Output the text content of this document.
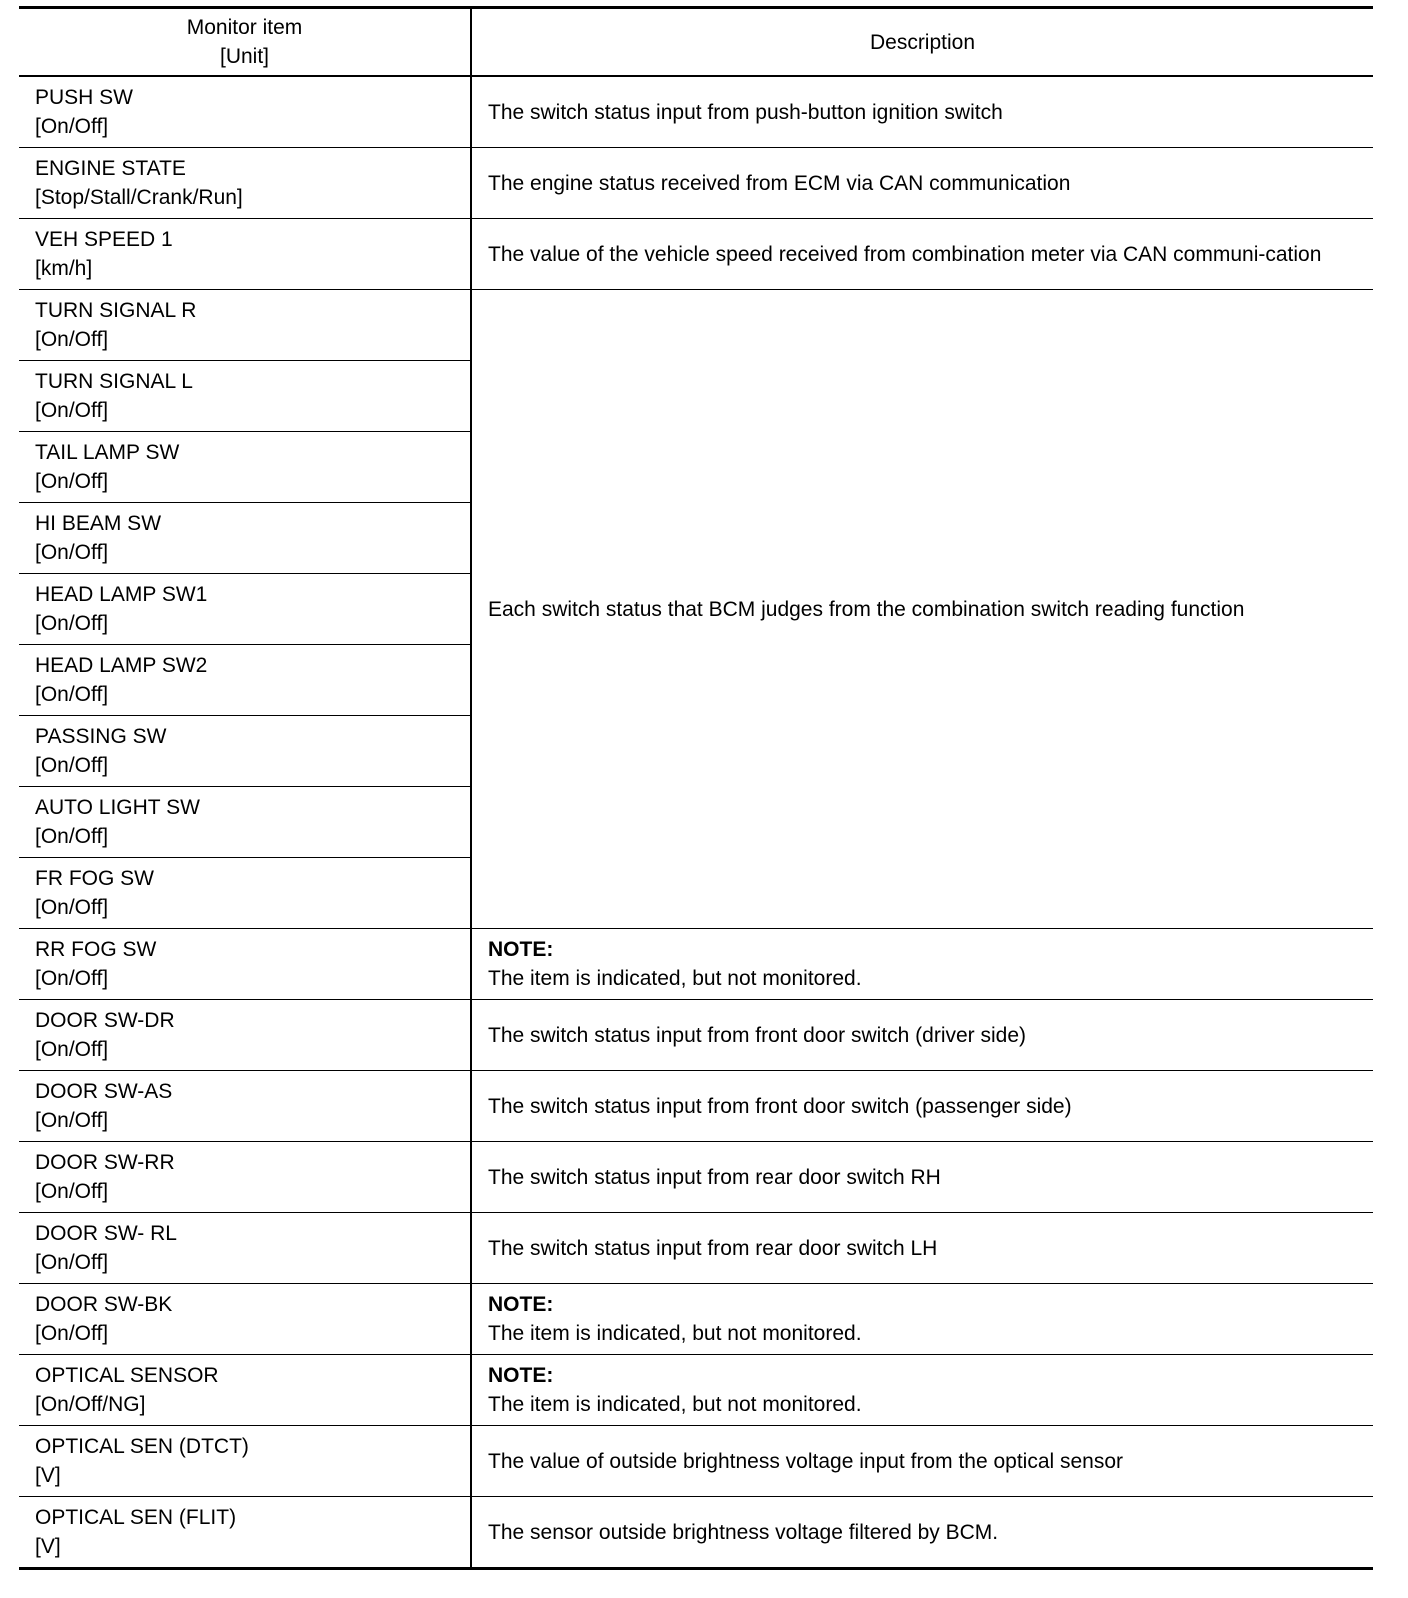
Monitor item
[Unit]	Description

PUSH SW
[On/Off]	The switch status input from push-button ignition switch

ENGINE STATE
[Stop/Stall/Crank/Run]	The engine status received from ECM via CAN communication

VEH SPEED 1
[km/h]	The value of the vehicle speed received from combination meter via CAN communi-cation

TURN SIGNAL R
[On/Off]	Each switch status that BCM judges from the combination switch reading function

TURN SIGNAL L
[On/Off]	

TAIL LAMP SW
[On/Off]	

HI BEAM SW
[On/Off]	

HEAD LAMP SW1
[On/Off]	

HEAD LAMP SW2
[On/Off]	

PASSING SW
[On/Off]	

AUTO LIGHT SW
[On/Off]	

FR FOG SW
[On/Off]	

RR FOG SW
[On/Off]	NOTE:
The item is indicated, but not monitored.

DOOR SW-DR
[On/Off]	The switch status input from front door switch (driver side)

DOOR SW-AS
[On/Off]	The switch status input from front door switch (passenger side)

DOOR SW-RR
[On/Off]	The switch status input from rear door switch RH

DOOR SW- RL
[On/Off]	The switch status input from rear door switch LH

DOOR SW-BK
[On/Off]	NOTE:
The item is indicated, but not monitored.

OPTICAL SENSOR
[On/Off/NG]	NOTE:
The item is indicated, but not monitored.

OPTICAL SEN (DTCT)
[V]	The value of outside brightness voltage input from the optical sensor

OPTICAL SEN (FLIT)
[V]	The sensor outside brightness voltage filtered by BCM.
